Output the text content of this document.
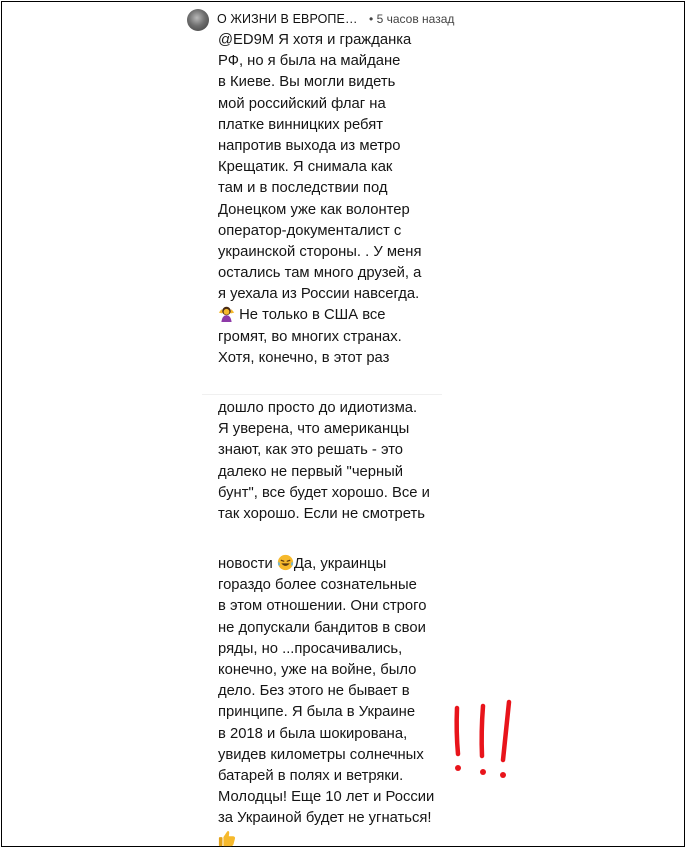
О ЖИЗНИ В ЕВРОПЕ… • 5 часов назад
@ED9M Я хотя и гражданка
РФ, но я была на майдане
в Киеве. Вы могли видеть
мой российский флаг на
платке винницких ребят
напротив выхода из метро
Крещатик. Я снимала как
там и в последствии под
Донецком уже как волонтер
оператор-документалист с
украинской стороны. . У меня
остались там много друзей, а
я уехала из России навсегда.
Не только в США все
громят, во многих странах.
Хотя, конечно, в этот раз
дошло просто до идиотизма.
Я уверена, что американцы
знают, как это решать - это
далеко не первый "черный
бунт", все будет хорошо. Все и
так хорошо. Если не смотреть
новости Да, украинцы
гораздо более сознательные
в этом отношении. Они строго
не допускали бандитов в свои
ряды, но ...просачивались,
конечно, уже на войне, было
дело. Без этого не бывает в
принципе. Я была в Украине
в 2018 и была шокирована,
увидев километры солнечных
батарей в полях и ветряки.
Молодцы! Еще 10 лет и России
за Украиной будет не угнаться!
